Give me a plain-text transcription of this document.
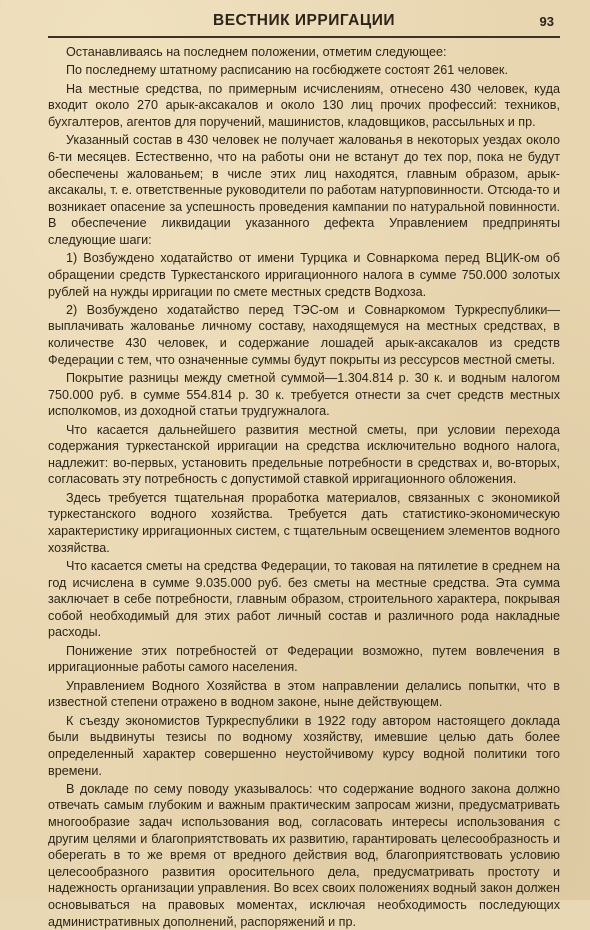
ВЕСТНИК ИРРИГАЦИИ	93

Останавливаясь на последнем положении, отметим следующее:

По последнему штатному расписанию на госбюджете состоят 261 человек.

На местные средства, по примерным исчислениям, отнесено 430 человек, куда входит около 270 арык-аксакалов и около 130 лиц прочих профессий: техников, бухгалтеров, агентов для поручений, машинистов, кладовщиков, рассыльных и пр.

Указанный состав в 430 человек не получает жалованья в некоторых уездах около 6-ти месяцев. Естественно, что на работы они не встанут до тех пор, пока не будут обеспечены жалованьем; в числе этих лиц находятся, главным образом, арык-аксакалы, т. е. ответственные руководители по работам натурповинности. Отсюда-то и возникает опасение за успешность проведения кампании по натуральной повинности. В обеспечение ликвидации указанного дефекта Управлением предприняты следующие шаги:

1) Возбуждено ходатайство от имени Турцика и Совнаркома перед ВЦИК-ом об обращении средств Туркестанского ирригационного налога в сумме 750.000 золотых рублей на нужды ирригации по смете местных средств Водхоза.

2) Возбуждено ходатайство перед ТЭС-ом и Совнаркомом Туркреспублики—выплачивать жалованье личному составу, находящемуся на местных средствах, в количестве 430 человек, и содержание лошадей арык-аксакалов из средств Федерации с тем, что означенные суммы будут покрыты из рессурсов местной сметы.

Покрытие разницы между сметной суммой—1.304.814 р. 30 к. и водным налогом 750.000 руб. в сумме 554.814 р. 30 к. требуется отнести за счет средств местных исполкомов, из доходной статьи трудгужналога.

Что касается дальнейшего развития местной сметы, при условии перехода содержания туркестанской ирригации на средства исключительно водного налога, надлежит: во-первых, установить предельные потребности в средствах и, во-вторых, согласовать эту потребность с допустимой ставкой ирригационного обложения.

Здесь требуется тщательная проработка материалов, связанных с экономикой туркестанского водного хозяйства. Требуется дать статистико-экономическую характеристику ирригационных систем, с тщательным освещением элементов водного хозяйства.

Что касается сметы на средства Федерации, то таковая на пятилетие в среднем на год исчислена в сумме 9.035.000 руб. без сметы на местные средства. Эта сумма заключает в себе потребности, главным образом, строительного характера, покрывая собой необходимый для этих работ личный состав и различного рода накладные расходы.

Понижение этих потребностей от Федерации возможно, путем вовлечения в ирригационные работы самого населения.

Управлением Водного Хозяйства в этом направлении делались попытки, что в известной степени отражено в водном законе, ныне действующем.

К съезду экономистов Туркреспублики в 1922 году автором настоящего доклада были выдвинуты тезисы по водному хозяйству, имевшие целью дать более определенный характер совершенно неустойчивому курсу водной политики того времени.

В докладе по сему поводу указывалось: что содержание водного закона должно отвечать самым глубоким и важным практическим запросам жизни, предусматривать многообразие задач использования вод, согласовать интересы использования с другим целями и благоприятствовать их развитию, гарантировать целесообразность и оберегать в то же время от вредного действия вод, благоприятствовать условию целесообразного развития оросительного дела, предусматривать простоту и надежность организации управления. Во всех своих положениях водный закон должен основываться на правовых моментах, исключая необходимость последующих административных дополнений, распоряжений и пр.
